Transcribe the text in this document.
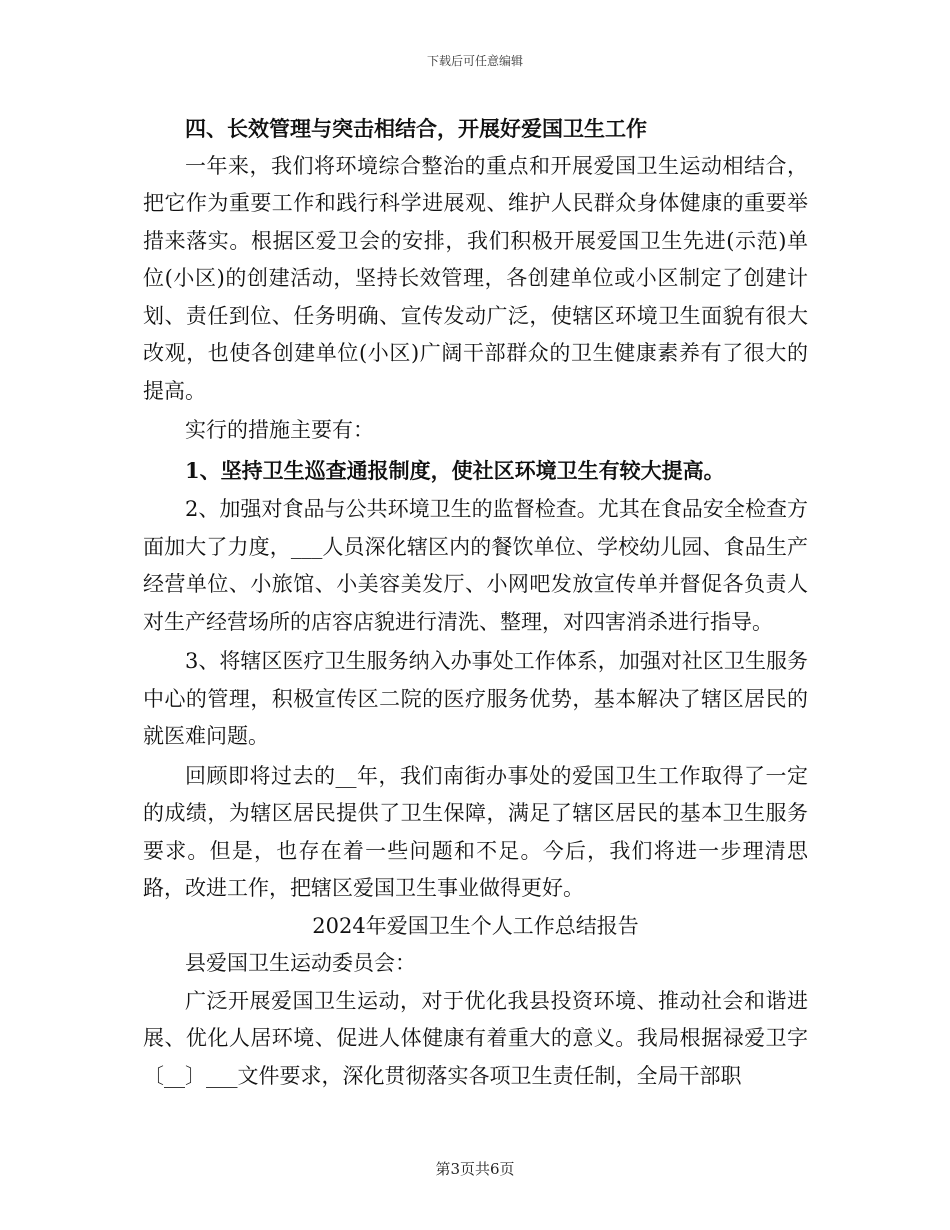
下载后可任意编辑

四、长效管理与突击相结合，开展好爱国卫生工作

一年来，我们将环境综合整治的重点和开展爱国卫生运动相结合，把它作为重要工作和践行科学进展观、维护人民群众身体健康的重要举措来落实。根据区爱卫会的安排，我们积极开展爱国卫生先进(示范)单位(小区)的创建活动，坚持长效管理，各创建单位或小区制定了创建计划、责任到位、任务明确、宣传发动广泛，使辖区环境卫生面貌有很大改观，也使各创建单位(小区)广阔干部群众的卫生健康素养有了很大的提高。

实行的措施主要有：

1、坚持卫生巡查通报制度，使社区环境卫生有较大提高。

2、加强对食品与公共环境卫生的监督检查。尤其在食品安全检查方面加大了力度，___人员深化辖区内的餐饮单位、学校幼儿园、食品生产经营单位、小旅馆、小美容美发厅、小网吧发放宣传单并督促各负责人对生产经营场所的店容店貌进行清洗、整理，对四害消杀进行指导。

3、将辖区医疗卫生服务纳入办事处工作体系，加强对社区卫生服务中心的管理，积极宣传区二院的医疗服务优势，基本解决了辖区居民的就医难问题。

回顾即将过去的__年，我们南街办事处的爱国卫生工作取得了一定的成绩，为辖区居民提供了卫生保障，满足了辖区居民的基本卫生服务要求。但是，也存在着一些问题和不足。今后，我们将进一步理清思路，改进工作，把辖区爱国卫生事业做得更好。

2024年爱国卫生个人工作总结报告

县爱国卫生运动委员会：

广泛开展爱国卫生运动，对于优化我县投资环境、推动社会和谐进展、优化人居环境、促进人体健康有着重大的意义。我局根据禄爱卫字〔__〕___文件要求，深化贯彻落实各项卫生责任制，全局干部职

第3页共6页
